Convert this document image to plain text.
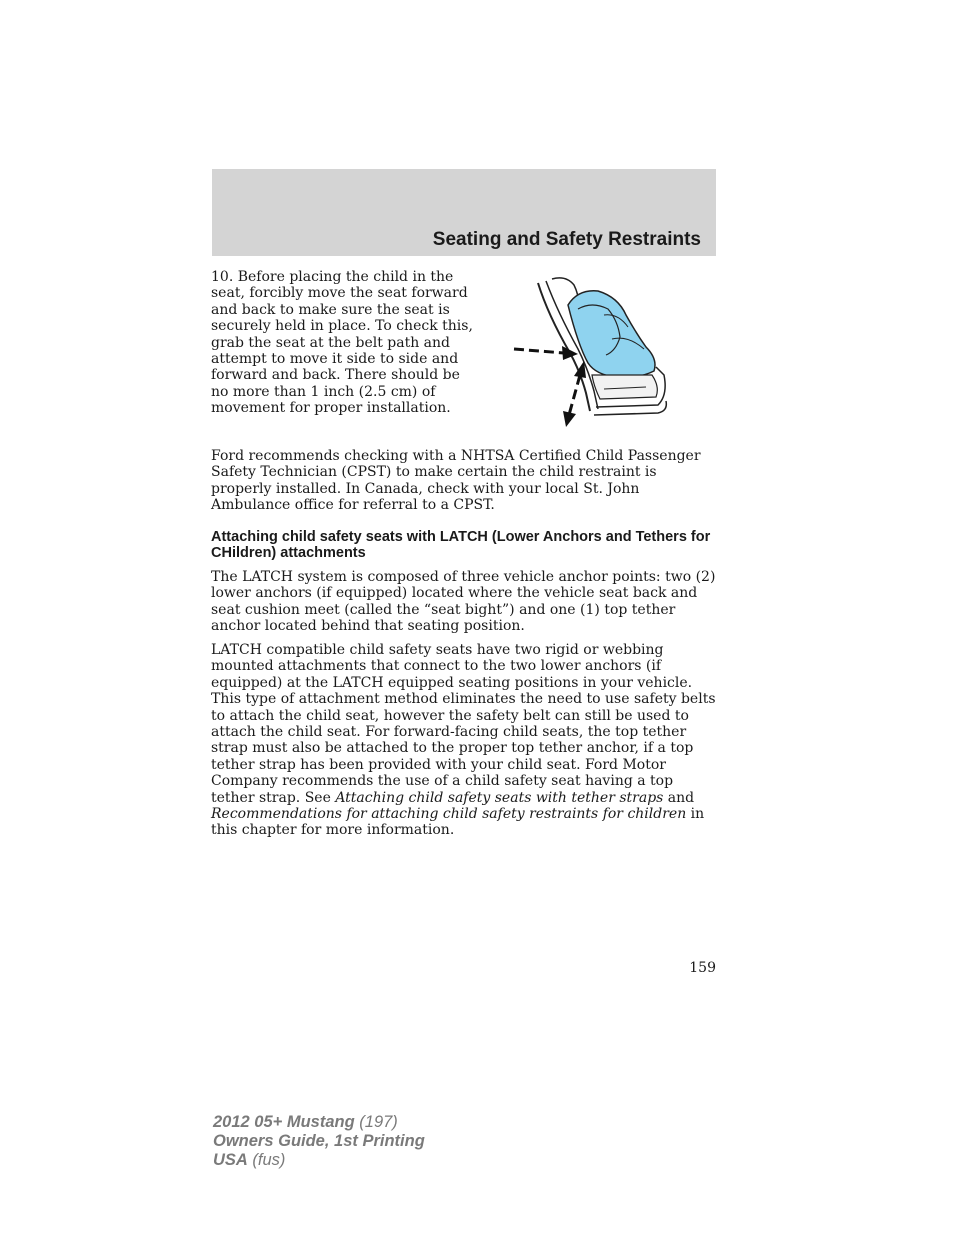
Seating and Safety Restraints
10. Before placing the child in the seat, forcibly move the seat forward and back to make sure the seat is securely held in place. To check this, grab the seat at the belt path and attempt to move it side to side and forward and back. There should be no more than 1 inch (2.5 cm) of movement for proper installation.

Ford recommends checking with a NHTSA Certified Child Passenger Safety Technician (CPST) to make certain the child restraint is properly installed. In Canada, check with your local St. John Ambulance office for referral to a CPST.

Attaching child safety seats with LATCH (Lower Anchors and Tethers for CHildren) attachments

The LATCH system is composed of three vehicle anchor points: two (2) lower anchors (if equipped) located where the vehicle seat back and seat cushion meet (called the “seat bight”) and one (1) top tether anchor located behind that seating position.

LATCH compatible child safety seats have two rigid or webbing mounted attachments that connect to the two lower anchors (if equipped) at the LATCH equipped seating positions in your vehicle. This type of attachment method eliminates the need to use safety belts to attach the child seat, however the safety belt can still be used to attach the child seat. For forward-facing child seats, the top tether strap must also be attached to the proper top tether anchor, if a top tether strap has been provided with your child seat. Ford Motor Company recommends the use of a child safety seat having a top tether strap. See Attaching child safety seats with tether straps and Recommendations for attaching child safety restraints for children in this chapter for more information.

159
2012 05+ Mustang (197)
Owners Guide, 1st Printing
USA (fus)
